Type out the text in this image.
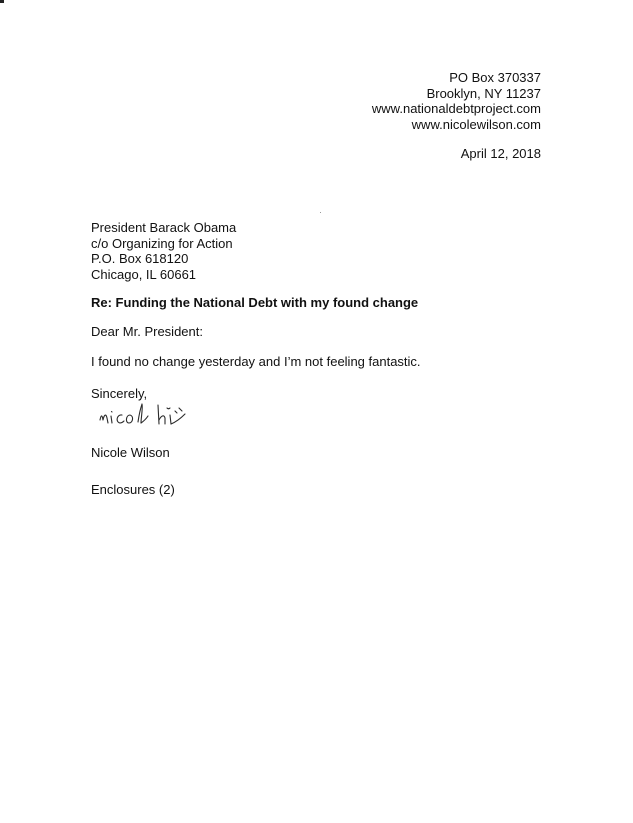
PO Box 370337
Brooklyn, NY 11237
www.nationaldebtproject.com
www.nicolewilson.com
April 12, 2018
President Barack Obama
c/o Organizing for Action
P.O. Box 618120
Chicago, IL 60661
Re: Funding the National Debt with my found change
Dear Mr. President:
I found no change yesterday and I’m not feeling fantastic.
Sincerely,
Nicole Wilson
Enclosures (2)
